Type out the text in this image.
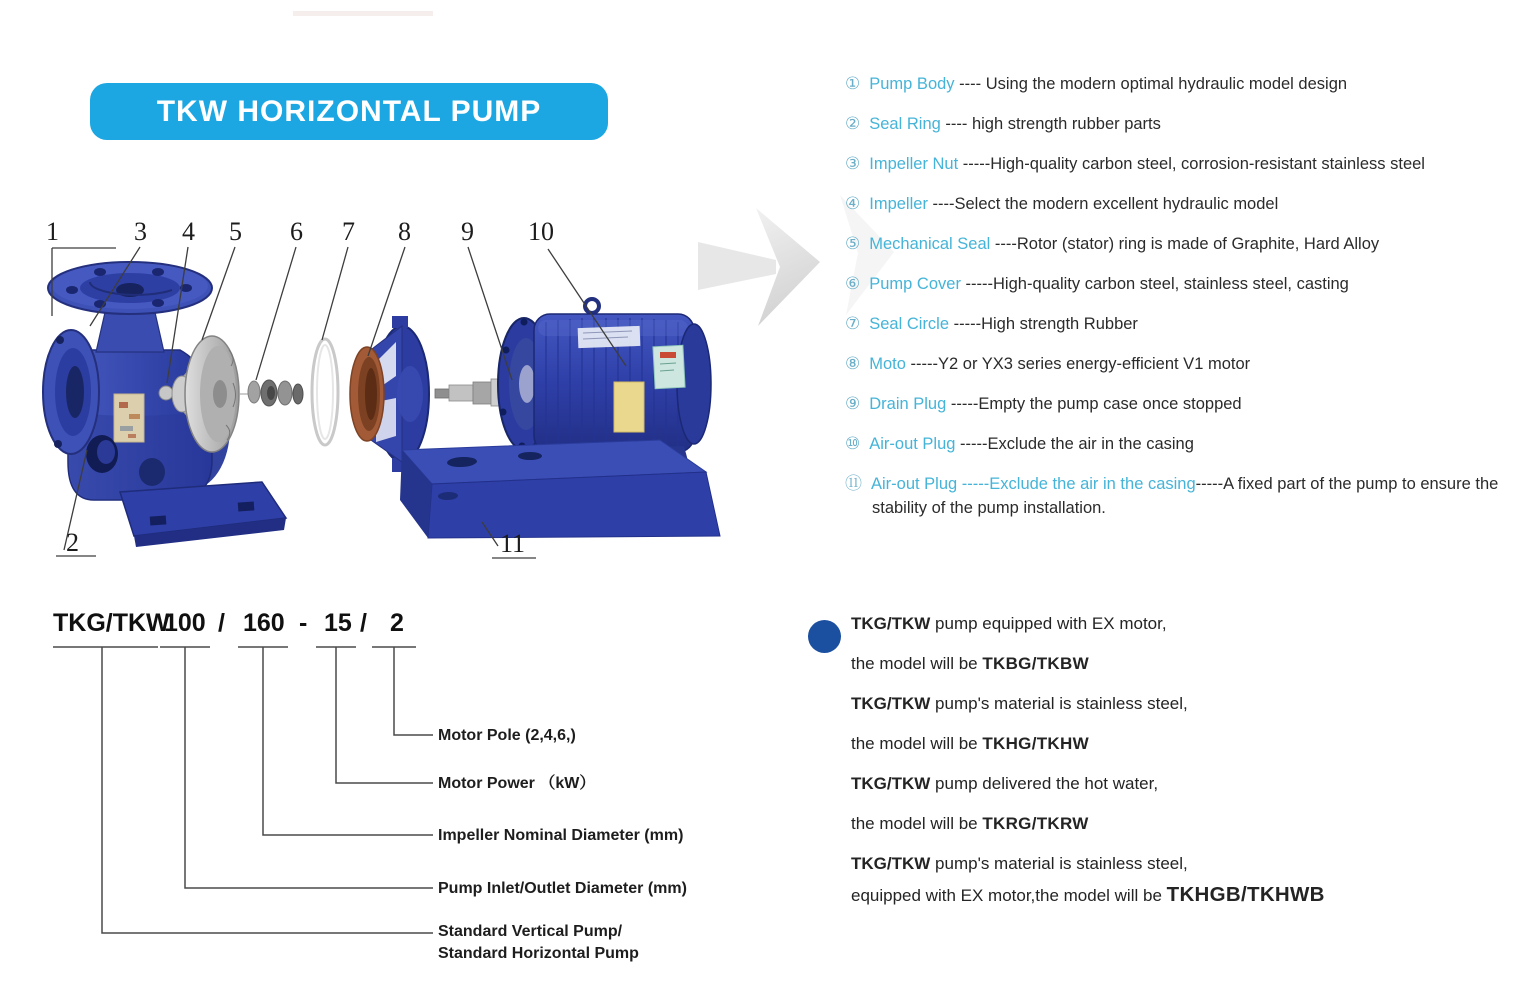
TKW HORIZONTAL PUMP
1	3 4 5 6 7 8 9 10
2	11
① Pump Body ---- Using the modern optimal hydraulic model design
② Seal Ring ---- high strength rubber parts
③ Impeller Nut -----High-quality carbon steel, corrosion-resistant stainless steel
④ Impeller ----Select the modern excellent hydraulic model
⑤ Mechanical Seal ----Rotor (stator) ring is made of Graphite, Hard Alloy
⑥ Pump Cover -----High-quality carbon steel, stainless steel, casting
⑦ Seal Circle -----High strength Rubber
⑧ Moto -----Y2 or YX3 series energy-efficient V1 motor
⑨ Drain Plug -----Empty the pump case once stopped
⑩ Air-out Plug -----Exclude the air in the casing
⑪ Air-out Plug -----Exclude the air in the casing-----A fixed part of the pump to ensure the stability of the pump installation.
TKG/TKW
100 / 160 - 15 / 2
Motor Pole (2,4,6,)
Motor Power （kW）
Impeller Nominal Diameter (mm)
Pump Inlet/Outlet Diameter (mm)
Standard Vertical Pump/
Standard Horizontal Pump
TKG/TKW pump equipped with EX motor,
the model will be TKBG/TKBW
TKG/TKW pump's material is stainless steel,
the model will be TKHG/TKHW
TKG/TKW pump delivered the hot water,
the model will be TKRG/TKRW
TKG/TKW pump's material is stainless steel,
equipped with EX motor,the model will be TKHGB/TKHWB
